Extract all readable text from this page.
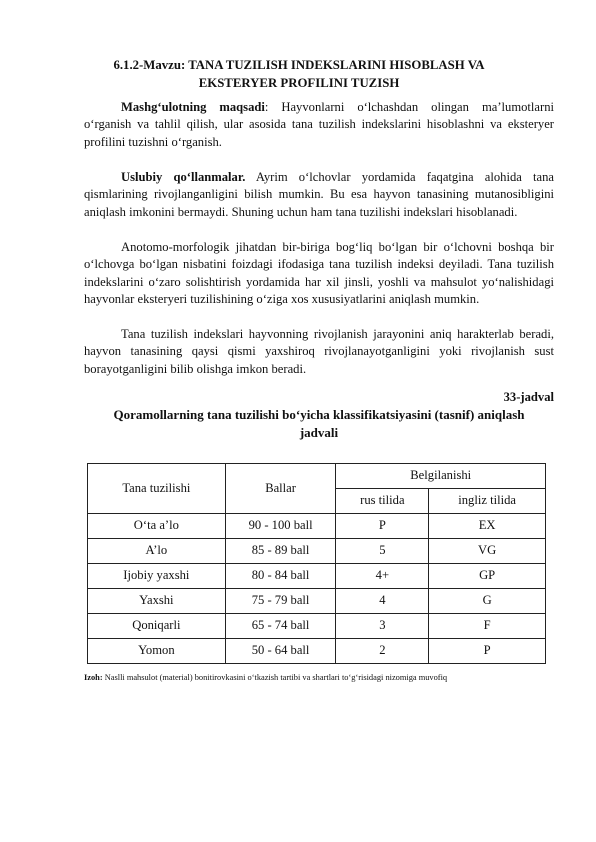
6.1.2-Mavzu: TANA TUZILISH INDEKSLARINI HISOBLASH VA
EKSTERYER PROFILINI TUZISH
Mashg‘ulotning maqsadi: Hayvonlarni o‘lchashdan olingan ma’lumotlarni o‘rganish va tahlil qilish, ular asosida tana tuzilish indekslarini hisoblashni va eksteryer profilini tuzishni o‘rganish.
Uslubiy qo‘llanmalar. Ayrim o‘lchovlar yordamida faqatgina alohida tana qismlarining rivojlanganligini bilish mumkin. Bu esa hayvon tanasining mutanosibligini aniqlash imkonini bermaydi. Shuning uchun ham tana tuzilishi indekslari hisoblanadi.
Anotomo-morfologik jihatdan bir-biriga bog‘liq bo‘lgan bir o‘lchovni boshqa bir o‘lchovga bo‘lgan nisbatini foizdagi ifodasiga tana tuzilish indeksi deyiladi. Tana tuzilish indekslarini o‘zaro solishtirish yordamida har xil jinsli, yoshli va mahsulot yo‘nalishidagi hayvonlar eksteryeri tuzilishining o‘ziga xos xususiyatlarini aniqlash mumkin.
Tana tuzilish indekslari hayvonning rivojlanish jarayonini aniq harakterlab beradi, hayvon tanasining qaysi qismi yaxshiroq rivojlanayotganligini yoki rivojlanish sust borayotganligini bilib olishga imkon beradi.
33-jadval
Qoramollarning tana tuzilishi bo‘yicha klassifikatsiyasini (tasnif) aniqlash
jadvali
Tana tuzilishi	Ballar	Belgilanishi	
		rus tilida	ingliz tilida
O‘ta a’lo	90 - 100 ball	P	EX
A’lo	85 - 89 ball	5	VG
Ijobiy yaxshi	80 - 84 ball	4+	GP
Yaxshi	75 - 79 ball	4	G
Qoniqarli	65 - 74 ball	3	F
Yomon	50 - 64 ball	2	P
Izoh: Naslli mahsulot (material) bonitirovkasini o‘tkazish tartibi va shartlari to‘g‘risidagi nizomiga muvofiq
